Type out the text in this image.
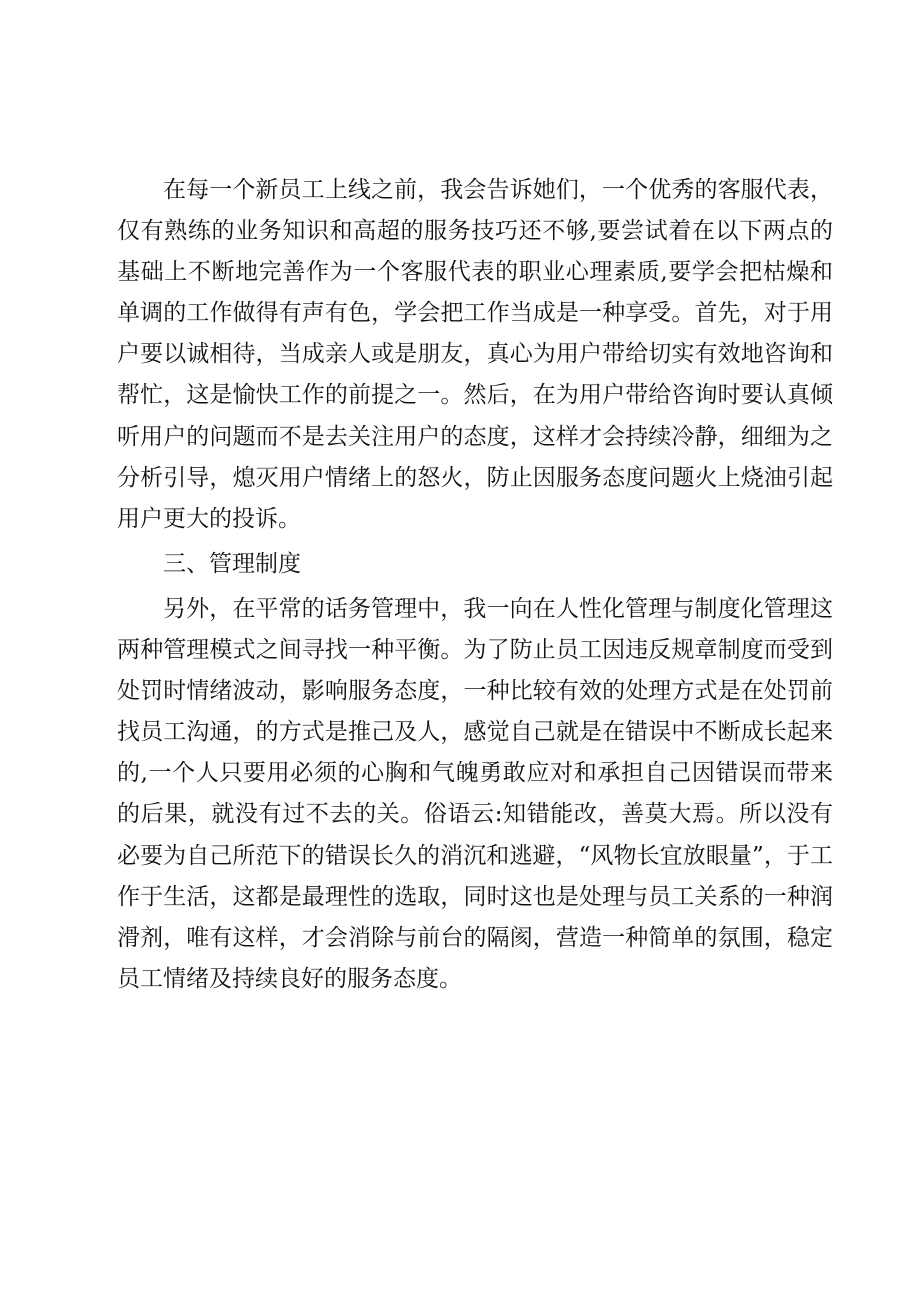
在每一个新员工上线之前，我会告诉她们，一个优秀的客服代表，仅有熟练的业务知识和高超的服务技巧还不够,要尝试着在以下两点的基础上不断地完善作为一个客服代表的职业心理素质,要学会把枯燥和单调的工作做得有声有色，学会把工作当成是一种享受。首先，对于用户要以诚相待，当成亲人或是朋友，真心为用户带给切实有效地咨询和帮忙，这是愉快工作的前提之一。然后，在为用户带给咨询时要认真倾听用户的问题而不是去关注用户的态度，这样才会持续冷静，细细为之分析引导，熄灭用户情绪上的怒火，防止因服务态度问题火上烧油引起用户更大的投诉。

三、管理制度

另外，在平常的话务管理中，我一向在人性化管理与制度化管理这两种管理模式之间寻找一种平衡。为了防止员工因违反规章制度而受到处罚时情绪波动，影响服务态度，一种比较有效的处理方式是在处罚前找员工沟通，的方式是推己及人，感觉自己就是在错误中不断成长起来的,一个人只要用必须的心胸和气魄勇敢应对和承担自己因错误而带来的后果，就没有过不去的关。俗语云:知错能改，善莫大焉。所以没有必要为自己所范下的错误长久的消沉和逃避，“风物长宜放眼量”，于工作于生活，这都是最理性的选取，同时这也是处理与员工关系的一种润滑剂，唯有这样，才会消除与前台的隔阂，营造一种简单的氛围，稳定员工情绪及持续良好的服务态度。
